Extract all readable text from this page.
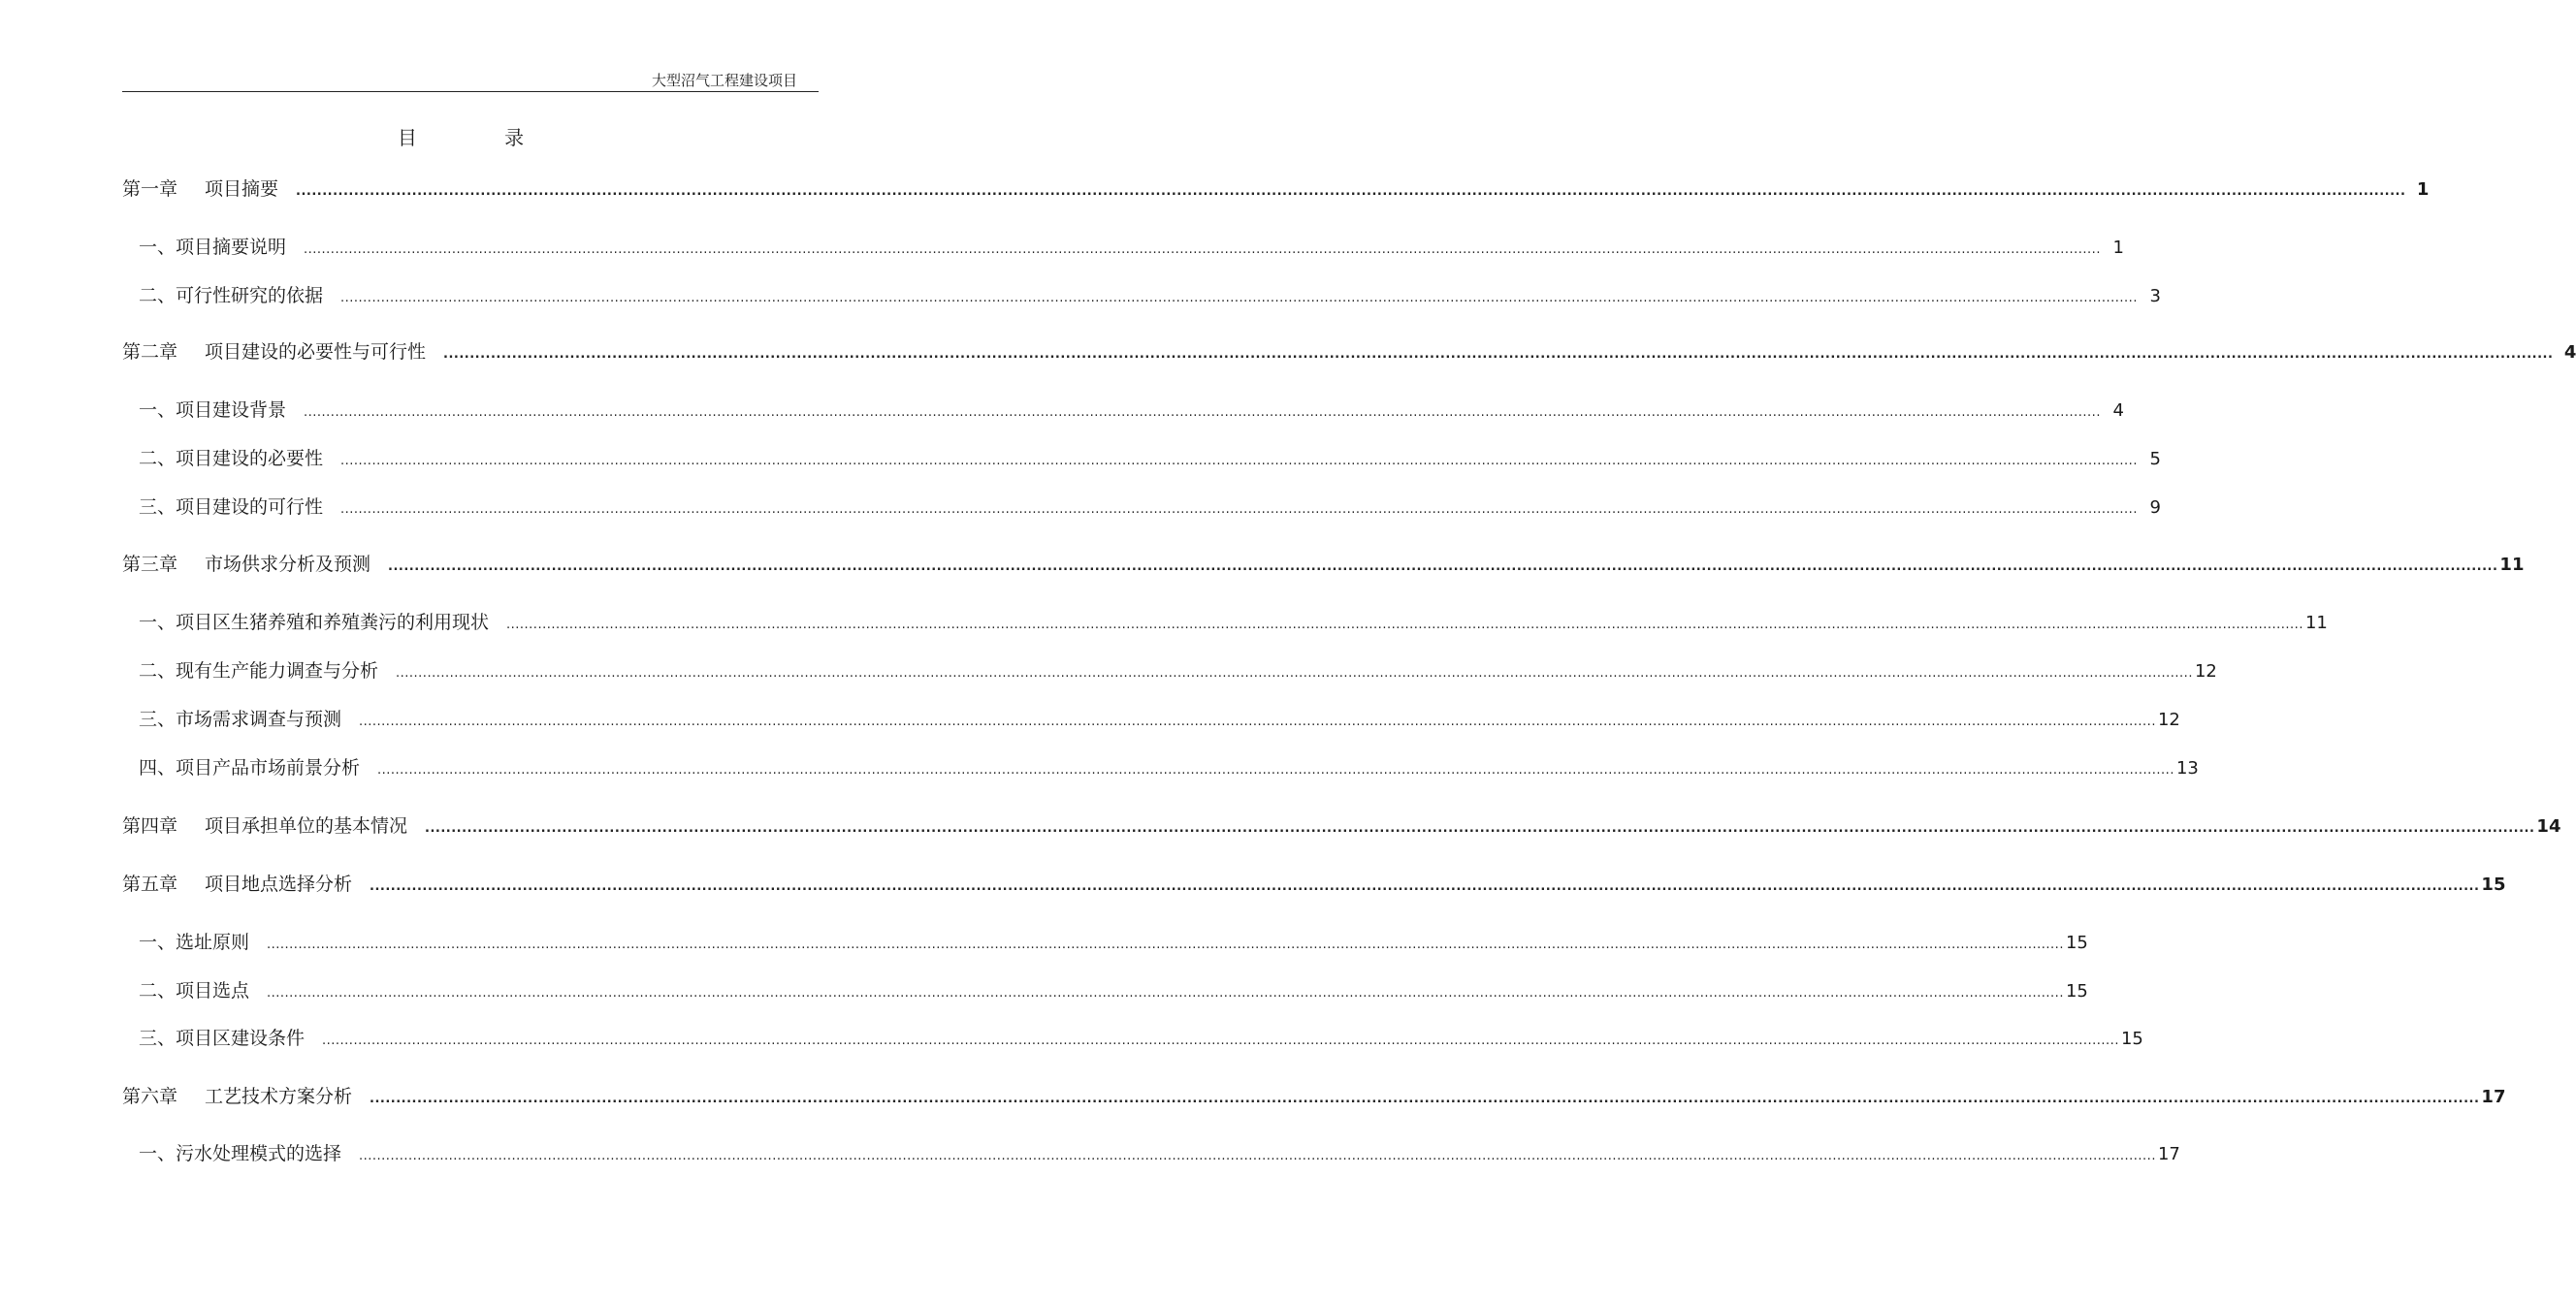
大型沼气工程建设项目
目 录
第一章 项目摘要 ................................................................................................................................................................................................................................................................................................................................................................................................................ 1
一、项目摘要说明 ................................................................................................................................................................................................................................................................................................................................................................................................................ 1
二、可行性研究的依据 ................................................................................................................................................................................................................................................................................................................................................................................................................ 3
第二章 项目建设的必要性与可行性 ................................................................................................................................................................................................................................................................................................................................................................................................................ 4
一、项目建设背景 ................................................................................................................................................................................................................................................................................................................................................................................................................ 4
二、项目建设的必要性 ................................................................................................................................................................................................................................................................................................................................................................................................................ 5
三、项目建设的可行性 ................................................................................................................................................................................................................................................................................................................................................................................................................ 9
第三章 市场供求分析及预测 ................................................................................................................................................................................................................................................................................................................................................................................................................ 11
一、项目区生猪养殖和养殖粪污的利用现状 ................................................................................................................................................................................................................................................................................................................................................................................................................ 11
二、现有生产能力调查与分析 ................................................................................................................................................................................................................................................................................................................................................................................................................ 12
三、市场需求调查与预测 ................................................................................................................................................................................................................................................................................................................................................................................................................ 12
四、项目产品市场前景分析 ................................................................................................................................................................................................................................................................................................................................................................................................................ 13
第四章 项目承担单位的基本情况 ................................................................................................................................................................................................................................................................................................................................................................................................................ 14
第五章 项目地点选择分析 ................................................................................................................................................................................................................................................................................................................................................................................................................ 15
一、选址原则 ................................................................................................................................................................................................................................................................................................................................................................................................................ 15
二、项目选点 ................................................................................................................................................................................................................................................................................................................................................................................................................ 15
三、项目区建设条件 ................................................................................................................................................................................................................................................................................................................................................................................................................ 15
第六章 工艺技术方案分析 ................................................................................................................................................................................................................................................................................................................................................................................................................ 17
一、污水处理模式的选择 ................................................................................................................................................................................................................................................................................................................................................................................................................ 17
